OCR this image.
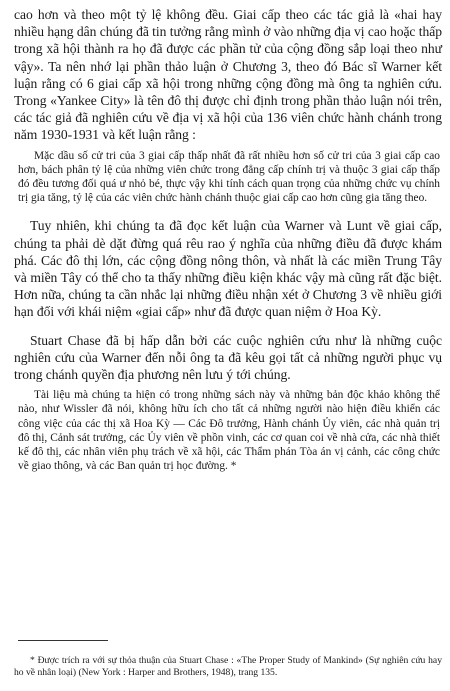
cao hơn và theo một tỷ lệ không đều. Giai cấp theo các tác giả là «hai hay nhiều hạng dân chúng đã tin tưởng rằng mình ở vào những địa vị cao hoặc thấp trong xã hội thành ra họ đã được các phần tử của cộng đồng sắp loại theo như vậy». Ta nên nhớ lại phần thảo luận ở Chương 3, theo đó Bác sĩ Warner kết luận rằng có 6 giai cấp xã hội trong những cộng đồng mà ông ta nghiên cứu. Trong «Yankee City» là tên đô thị được chỉ định trong phần thảo luận nói trên, các tác giả đã nghiên cứu về địa vị xã hội của 136 viên chức hành chánh trong năm 1930-1931 và kết luận rằng :

Mặc dầu số cử tri của 3 giai cấp thấp nhất đã rất nhiều hơn số cử tri của 3 giai cấp cao hơn, bách phân tỷ lệ của những viên chức trong đẳng cấp chính trị và thuộc 3 giai cấp thấp đó đều tương đối quá ư nhỏ bé, thực vậy khi tính cách quan trọng của những chức vụ chính trị gia tăng, tỷ lệ của các viên chức hành chánh thuộc giai cấp cao hơn cũng gia tăng theo.

Tuy nhiên, khi chúng ta đã đọc kết luận của Warner và Lunt về giai cấp, chúng ta phải dè dặt đừng quá rêu rao ý nghĩa của những điều đã được khám phá. Các đô thị lớn, các cộng đồng nông thôn, và nhất là các miền Trung Tây và miền Tây có thể cho ta thấy những điều kiện khác vậy mà cũng rất đặc biệt. Hơn nữa, chúng ta cần nhắc lại những điều nhận xét ở Chương 3 về nhiều giới hạn đối với khái niệm «giai cấp» như đã được quan niệm ở Hoa Kỳ.

Stuart Chase đã bị hấp dẫn bởi các cuộc nghiên cứu như là những cuộc nghiên cứu của Warner đến nỗi ông ta đã kêu gọi tất cả những người phục vụ trong chánh quyền địa phương nên lưu ý tới chúng.

Tài liệu mà chúng ta hiện có trong những sách này và những bản độc khảo không thể nào, như Wissler đã nói, không hữu ích cho tất cả những người nào hiện điều khiển các công việc của các thị xã Hoa Kỳ — Các Đô trưởng, Hành chánh Ủy viên, các nhà quản trị đô thị, Cảnh sát trưởng, các Ủy viên về phồn vinh, các cơ quan coi về nhà cửa, các nhà thiết kế đô thị, các nhân viên phụ trách về xã hội, các Thẩm phán Tòa án vị cảnh, các công chức về giao thông, và các Ban quản trị học đường. *

* Được trích ra với sự thỏa thuận của Stuart Chase : «The Proper Study of Mankind» (Sự nghiên cứu hay ho về nhân loại) (New York : Harper and Brothers, 1948), trang 135.
